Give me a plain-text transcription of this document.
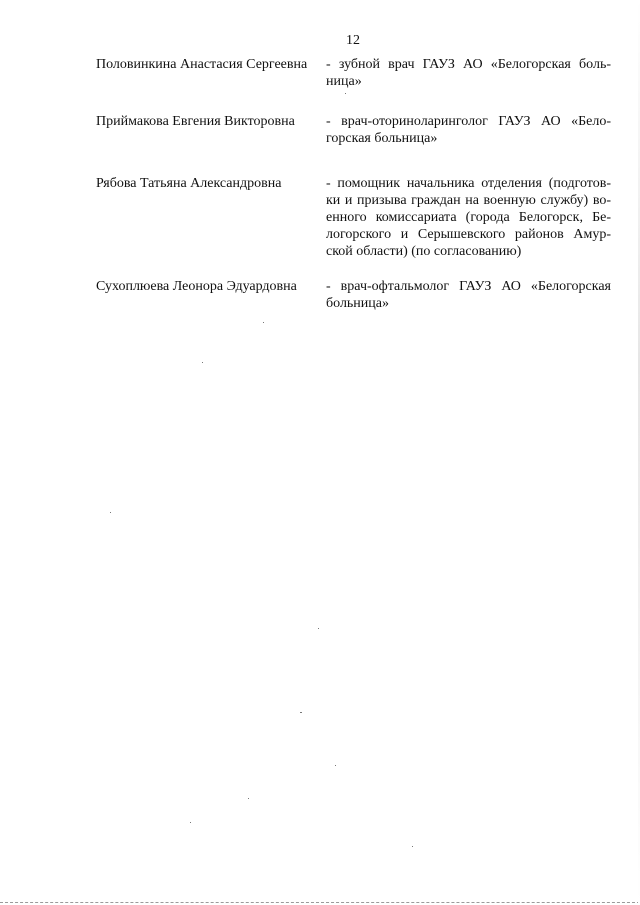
12
Половинкина Анастасия Сергеевна	- зубной врач ГАУЗ АО «Белогорская боль-ница»
Приймакова Евгения Викторовна	- врач-оториноларинголог ГАУЗ АО «Бело-горская больница»
Рябова Татьяна Александровна	- помощник начальника отделения (подготов-ки и призыва граждан на военную службу) во-енного комиссариата (города Белогорск, Бе-логорского и Серышевского районов Амур-ской области) (по согласованию)
Сухоплюева Леонора Эдуардовна	- врач-офтальмолог ГАУЗ АО «Белогорская больница»
